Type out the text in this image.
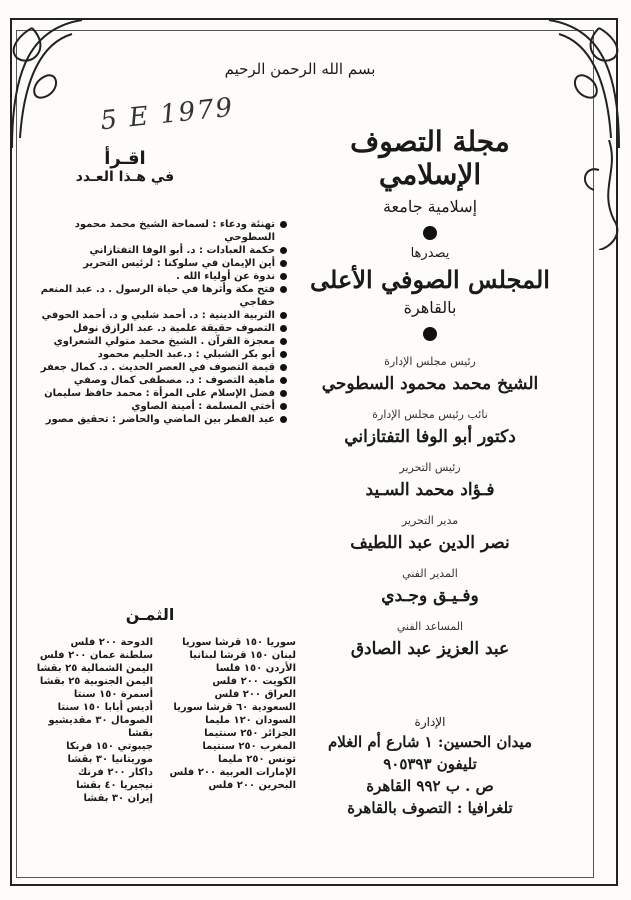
بسم الله الرحمن الرحيم
5 E 1979
مجلة التصوف الإسلامي
إسلامية جامعة
يصدرها
المجلس الصوفي الأعلى
بالقاهرة
رئيس مجلس الإدارة
الشيخ محمد محمود السطوحي
نائب رئيس مجلس الإدارة
دكتور أبو الوفا التفتازاني
رئيس التحرير
فـؤاد محمد السـيد
مدير التحرير
نصر الدين عبد اللطيف
المدير الفني
وفـيـق وجـدي
المساعد الفني
عبد العزيز عبد الصادق
الإدارة
ميدان الحسين: ١ شارع أم الغلام
تليفون ٩٠٥٣٩٣
ص . ب ٩٩٢ القاهرة
تلغرافيا : التصوف بالقاهرة
اقـرأ
في هـذا العـدد
تهنئة ودعاء : لسماحة الشيخ محمد محمود السطوحي
حكمة العبادات : د. أبو الوفا التفتازاني
أين الإيمان في سلوكنا : لرئيس التحرير
ندوة عن أولياء الله .
فتح مكة وأثرها في حياة الرسول . د. عبد المنعم خفاجي
التربية الدينية : د. أحمد شلبي و د. أحمد الحوفي
التصوف حقيقة علمية د. عبد الرازق نوفل
معجزة القرآن . الشيخ محمد متولي الشعراوي
أبو بكر الشبلي : د.عبد الحليم محمود
قيمة التصوف في العصر الحديث . د. كمال جعفر
ماهية التصوف : د. مصطفى كمال وصفي
فضل الإسلام على المرأة : محمد حافظ سليمان
أختي المسلمة : أمينة الصاوي
عيد الفطر بين الماضي والحاضر : تحقيق مصور
الثمـن
سوريا ١٥٠ قرشا سوريا
لبنان ١٥٠ قرشا لبنانيا
الأردن ١٥٠ فلسا
الكويت ٢٠٠ فلس
العراق ٢٠٠ فلس
السعودية ٦٠ قرشا سوريا
السودان ١٢٠ مليما
الجزائر ٢٥٠ سنتيما
المغرب ٢٥٠ سنتيما
تونس ٢٥٠ مليما
الإمارات العربية ٢٠٠ فلس
البحرين ٢٠٠ فلس
الدوحة ٢٠٠ فلس
سلطنة عمان ٢٠٠ فلس
اليمن الشمالية ٢٥ بقشا
اليمن الجنوبية ٢٥ بقشا
أسمرة ١٥٠ سنتا
أديس أبابا ١٥٠ سنتا
الصومال ٣٠ مقديشيو بقشا
جيبوتي ١٥٠ فرنكا
موريتانيا ٣٠ بقشا
داكار ٢٠٠ فرنك
نيجيريا ٤٠ بقشا
إيران ٣٠ بقشا
